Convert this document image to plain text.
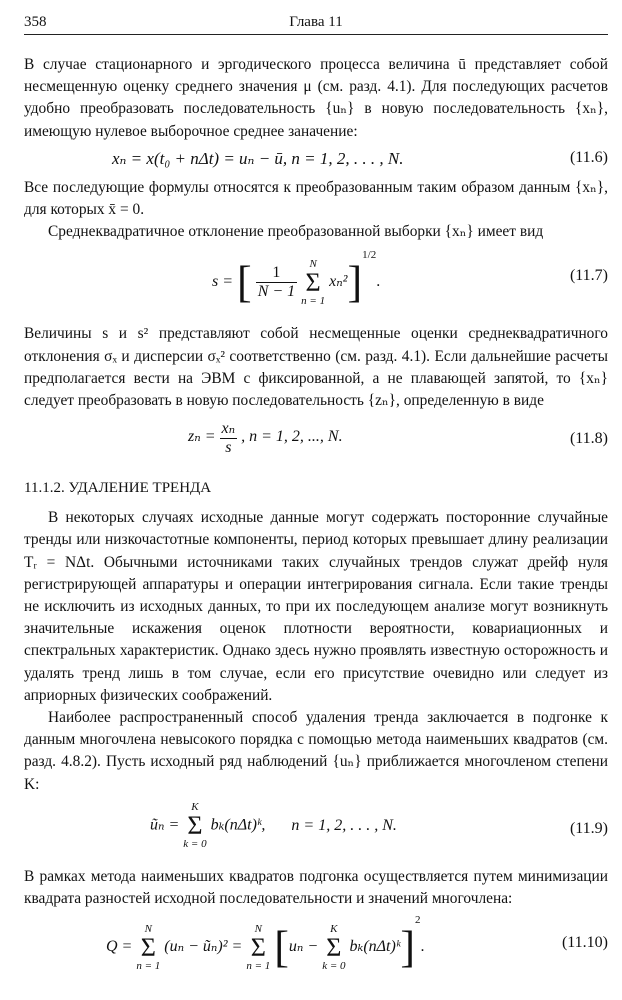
358	Глава 11

В случае стационарного и эргодического процесса величина ū представляет собой несмещенную оценку среднего значения μ (см. разд. 4.1). Для последующих расчетов удобно преобразовать последовательность {uₙ} в новую последовательность {xₙ}, имеющую нулевое выборочное среднее заначение:

xₙ = x(t₀ + nΔt) = uₙ − ū, n = 1, 2, . . . , N.	(11.6)

Все последующие формулы относятся к преобразованным таким образом данным {xₙ}, для которых x̄ = 0.

Среднеквадратичное отклонение преобразованной выборки {xₙ} имеет вид

s = [ $\frac{1}{N - 1}$

N
Σ
n = 1
xₙ²]$^{1/2}$.	(11.7)

Величины s и s² представляют собой несмещенные оценки среднеквадратичного отклонения σₓ и дисперсии σₓ² соответственно (см. разд. 4.1). Если дальнейшие расчеты предполагается вести на ЭВМ с фиксированной, а не плавающей запятой, то {xₙ} следует преобразовать в новую последовательность {zₙ}, определенную в виде

$z_n = \frac{\text{xₙ}}{s}$ , n = 1, 2, ..., N.	(11.8)
11.1.2. УДАЛЕНИЕ ТРЕНДА

В некоторых случаях исходные данные могут содержать посторонние случайные тренды или низкочастотные компоненты, период которых превышает длину реализации Tᵣ = NΔt. Обычными источниками таких случайных трендов служат дрейф нуля регистрирующей аппаратуры и операции интегрирования сигнала. Если такие тренды не исключить из исходных данных, то при их последующем анализе могут возникнуть значительные искажения оценок плотности вероятности, ковариационных и спектральных характеристик. Однако здесь нужно проявлять известную осторожность и удалять тренд лишь в том случае, если его присутствие очевидно или следует из априорных физических соображений.

Наиболее распространенный способ удаления тренда заключается в подгонке к данным многочлена невысокого порядка с помощью метода наименьших квадратов (см. разд. 4.8.2). Пусть исходный ряд наблюдений {uₙ} приближается многочленом степени K:

ũₙ =
K
Σ
k = 0
bₖ(nΔt)ᵏ, n = 1, 2, . . . , N.	(11.9)

В рамках метода наименьших квадратов подгонка осуществляется путем минимизации квадрата разностей исходной последовательности и значений многочлена:

Q =
N
Σ
n = 1
(uₙ − ũₙ)² =
N
Σ
n = 1 [uₙ −
K
Σ
k = 0
bₖ(nΔt)ᵏ]$^2$.	(11.10)
